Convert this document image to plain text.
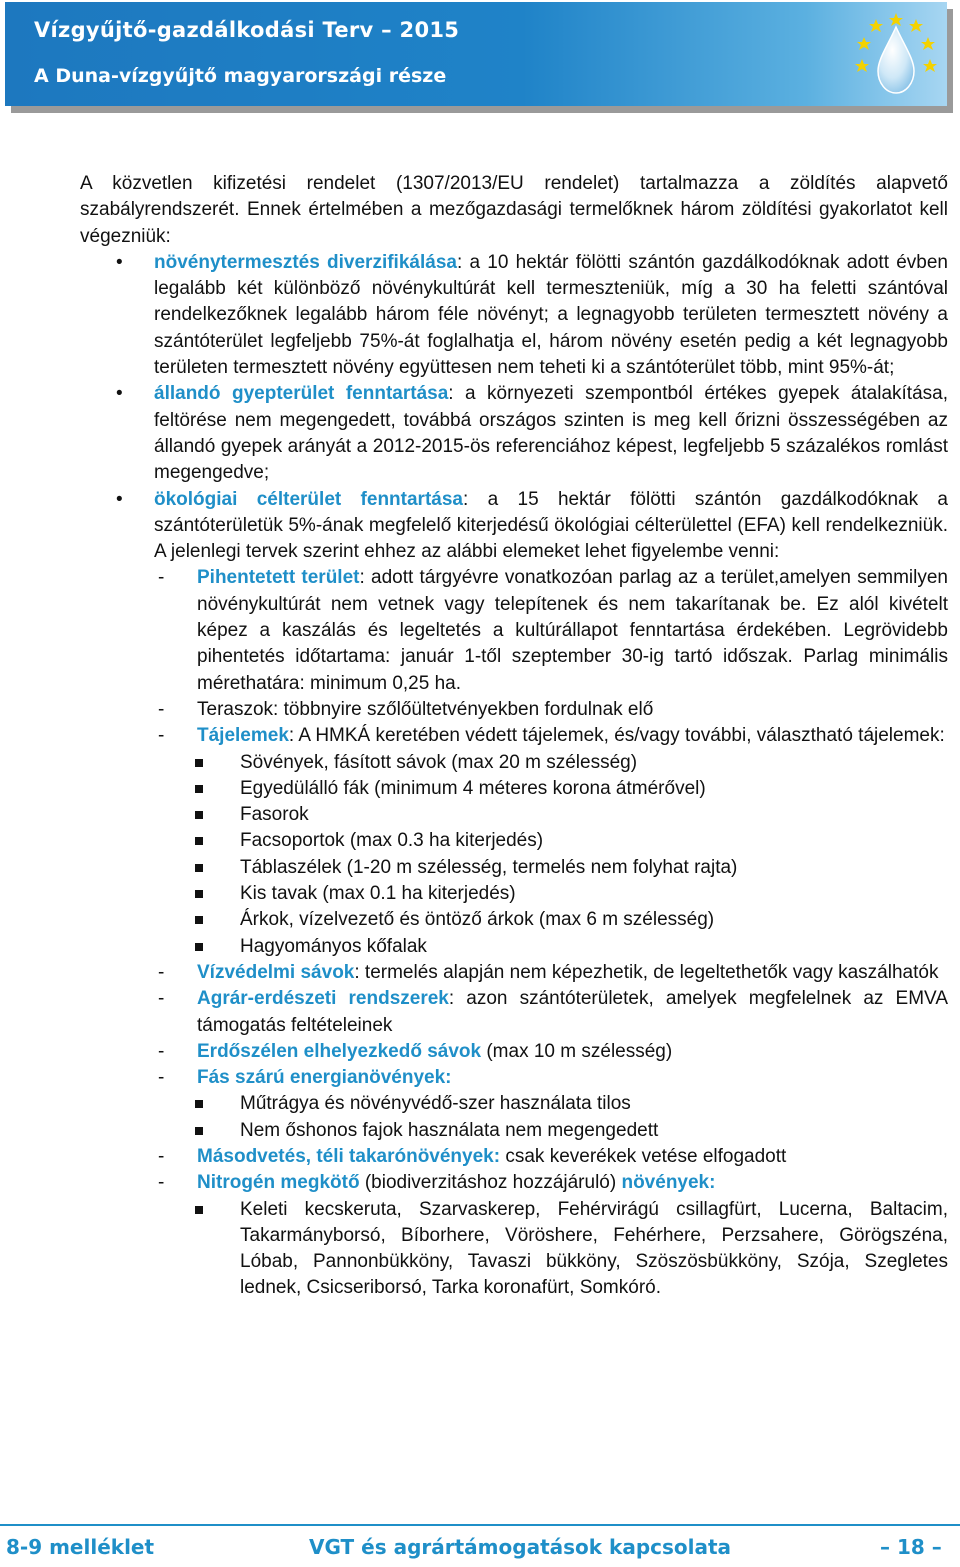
Vízgyűjtő-gazdálkodási Terv – 2015
A Duna-vízgyűjtő magyarországi része

A közvetlen kifizetési rendelet (1307/2013/EU rendelet) tartalmazza a zöldítés alapvető szabályrendszerét. Ennek értelmében a mezőgazdasági termelőknek három zöldítési gyakorlatot kell végezniük:

• növénytermesztés diverzifikálása: a 10 hektár fölötti szántón gazdálkodóknak adott évben legalább két különböző növénykultúrát kell termeszteniük, míg a 30 ha feletti szántóval rendelkezőknek legalább három féle növényt; a legnagyobb területen termesztett növény a szántóterület legfeljebb 75%-át foglalhatja el, három növény esetén pedig a két legnagyobb területen termesztett növény együttesen nem teheti ki a szántóterület több, mint 95%-át;
• állandó gyepterület fenntartása: a környezeti szempontból értékes gyepek átalakítása, feltörése nem megengedett, továbbá országos szinten is meg kell őrizni összességében az állandó gyepek arányát a 2012-2015-ös referenciához képest, legfeljebb 5 százalékos romlást megengedve;
• ökológiai célterület fenntartása: a 15 hektár fölötti szántón gazdálkodóknak a szántóterületük 5%-ának megfelelő kiterjedésű ökológiai célterülettel (EFA) kell rendelkezniük. A jelenlegi tervek szerint ehhez az alábbi elemeket lehet figyelembe venni:
- Pihentetett terület: adott tárgyévre vonatkozóan parlag az a terület,amelyen semmilyen növénykultúrát nem vetnek vagy telepítenek és nem takarítanak be. Ez alól kivételt képez a kaszálás és legeltetés a kultúrállapot fenntartása érdekében. Legrövidebb pihentetés időtartama: január 1-től szeptember 30-ig tartó időszak. Parlag minimális mérethatára: minimum 0,25 ha.
- Teraszok: többnyire szőlőültetvényekben fordulnak elő
- Tájelemek: A HMKÁ keretében védett tájelemek, és/vagy további, választható tájelemek:
Sövények, fásított sávok (max 20 m szélesség)
Egyedülálló fák (minimum 4 méteres korona átmérővel)
Fasorok
Facsoportok (max 0.3 ha kiterjedés)
Táblaszélek (1-20 m szélesség, termelés nem folyhat rajta)
Kis tavak (max 0.1 ha kiterjedés)
Árkok, vízelvezető és öntöző árkok (max 6 m szélesség)
Hagyományos kőfalak
- Vízvédelmi sávok: termelés alapján nem képezhetik, de legeltethetők vagy kaszálhatók
- Agrár-erdészeti rendszerek: azon szántóterületek, amelyek megfelelnek az EMVA támogatás feltételeinek
- Erdőszélen elhelyezkedő sávok (max 10 m szélesség)
- Fás szárú energianövények:
Műtrágya és növényvédő-szer használata tilos
Nem őshonos fajok használata nem megengedett
- Másodvetés, téli takarónövények: csak keverékek vetése elfogadott
- Nitrogén megkötő (biodiverzitáshoz hozzájáruló) növények:
Keleti kecskeruta, Szarvaskerep, Fehérvirágú csillagfürt, Lucerna, Baltacim, Takarmányborsó, Bíborhere, Vöröshere, Fehérhere, Perzsahere, Görögszéna, Lóbab, Pannonbükköny, Tavaszi bükköny, Szöszösbükköny, Szója, Szegletes lednek, Csicseriborsó, Tarka koronafürt, Somkóró.
8-9 melléklet	VGT és agrártámogatások kapcsolata	– 18 –
